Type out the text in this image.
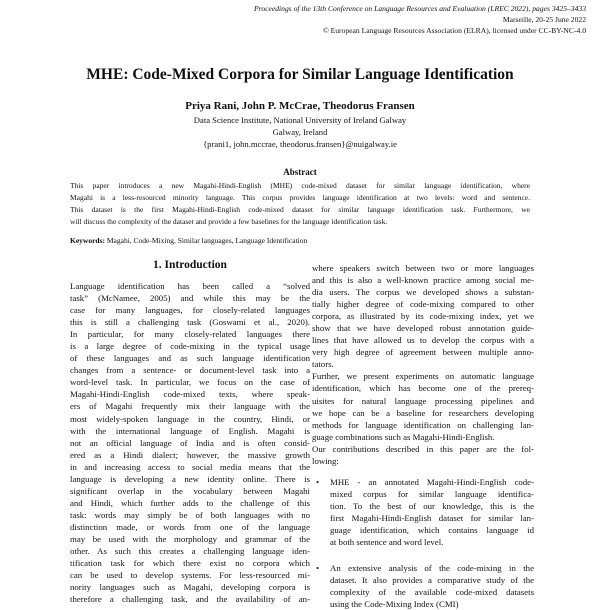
Proceedings of the 13th Conference on Language Resources and Evaluation (LREC 2022), pages 3425–3433
Marseille, 20-25 June 2022
© European Language Resources Association (ELRA), licensed under CC-BY-NC-4.0
MHE: Code-Mixed Corpora for Similar Language Identification
Priya Rani, John P. McCrae, Theodorus Fransen
Data Science Institute, National University of Ireland Galway
Galway, Ireland
{prani1, john.mccrae, theodorus.fransen}@nuigalway.ie
Abstract
This paper introduces a new Magahi-Hindi-English (MHE) code-mixed dataset for similar language identification, where
Magahi is a less-resourced minority language. This corpus provides language identification at two levels: word and sentence.
This dataset is the first Magahi-Hindi-English code-mixed dataset for similar language identification task. Furthermore, we
will discuss the complexity of the dataset and provide a few baselines for the language identification task.
Keywords: Magahi, Code-Mixing, Similar languages, Language Identification
1. Introduction
Language identification has been called a “solved
task” (McNamee, 2005) and while this may be the
case for many languages, for closely-related languages
this is still a challenging task (Goswami et al., 2020).
In particular, for many closely-related languages there
is a large degree of code-mixing in the typical usage
of these languages and as such language identification
changes from a sentence- or document-level task into a
word-level task. In particular, we focus on the case of
Magahi-Hindi-English code-mixed texts, where speak-
ers of Magahi frequently mix their language with the
most widely-spoken language in the country, Hindi, or
with the international language of English. Magahi is
not an official language of India and is often consid-
ered as a Hindi dialect; however, the massive growth
in and increasing access to social media means that the
language is developing a new identity online. There is
significant overlap in the vocabulary between Magahi
and Hindi, which further adds to the challenge of this
task: words may simply be of both languages with no
distinction made, or words from one of the language
may be used with the morphology and grammar of the
other. As such this creates a challenging language iden-
tification task for which there exist no corpora which
can be used to develop systems. For less-resourced mi-
nority languages such as Magahi, developing corpora is
therefore a challenging task, and the availability of an-
where speakers switch between two or more languages
and this is also a well-known practice among social me-
dia users. The corpus we developed shows a substan-
tially higher degree of code-mixing compared to other
corpora, as illustrated by its code-mixing index, yet we
show that we have developed robust annotation guide-
lines that have allowed us to develop the corpus with a
very high degree of agreement between multiple anno-
tators.
Further, we present experiments on automatic language
identification, which has become one of the prereq-
uisites for natural language processing pipelines and
we hope can be a baseline for researchers developing
methods for language identification on challenging lan-
guage combinations such as Magahi-Hindi-English.
Our contributions described in this paper are the fol-
lowing:
• MHE - an annotated Magahi-Hindi-English code-
mixed corpus for similar language identifica-
tion. To the best of our knowledge, this is the
first Magahi-Hindi-English dataset for similar lan-
guage identification, which contains language id
at both sentence and word level.
• An extensive analysis of the code-mixing in the
dataset. It also provides a comparative study of the
complexity of the available code-mixed datasets
using the Code-Mixing Index (CMI)
